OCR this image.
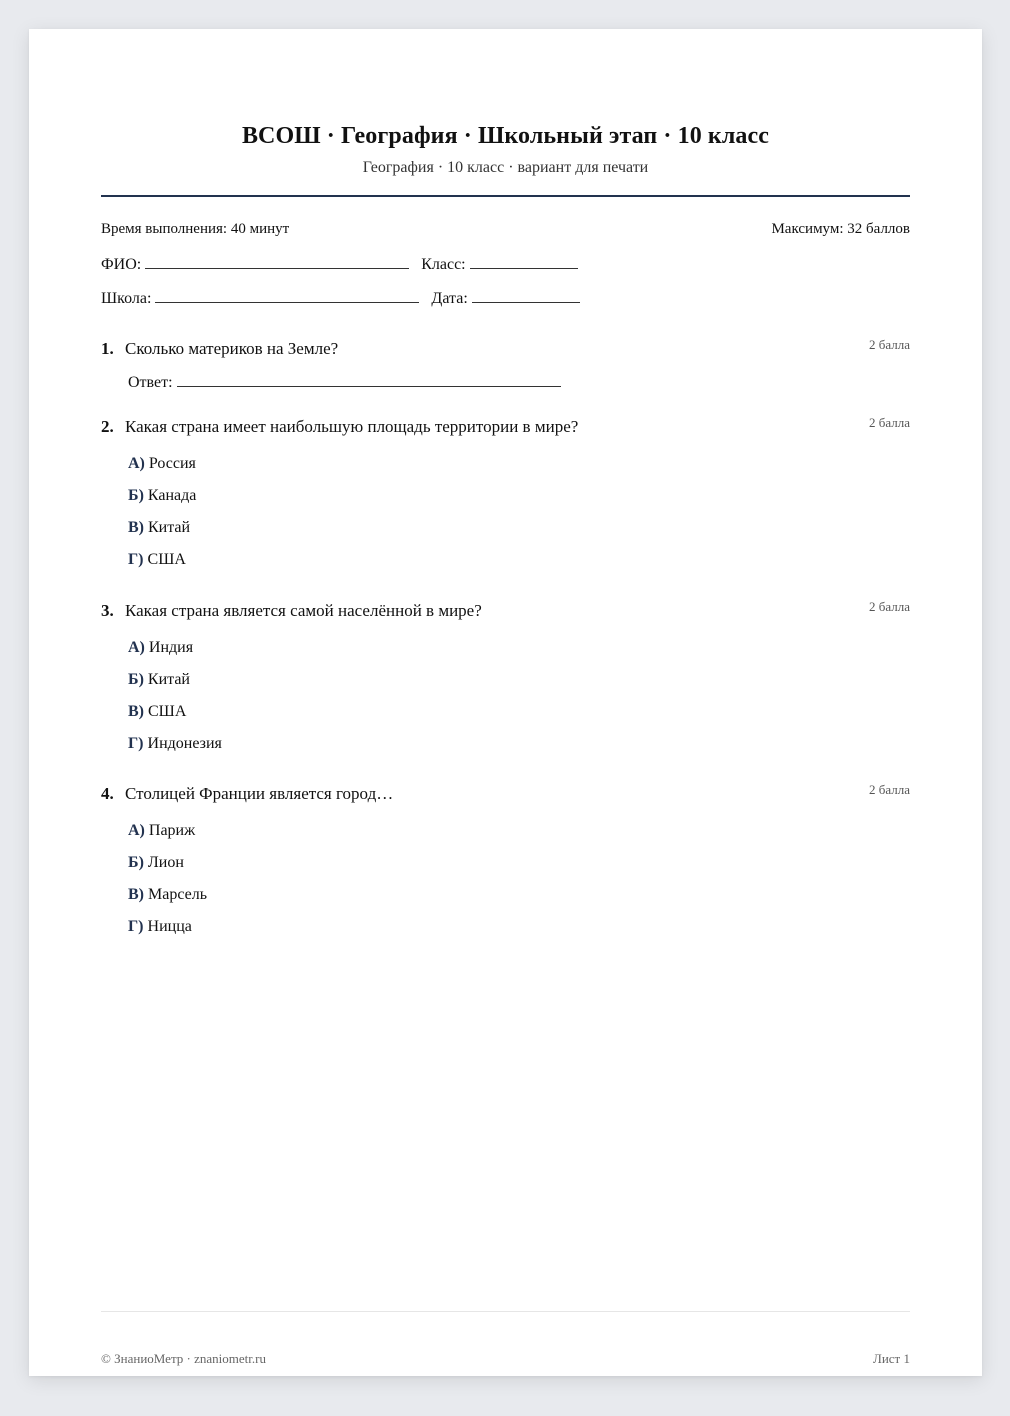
ВСОШ · География · Школьный этап · 10 класс
География · 10 класс · вариант для печати
Время выполнения: 40 минут	Максимум: 32 баллов
ФИО:	Класс:
Школа:	Дата:
1. Сколько материков на Земле?	2 балла
Ответ:
2. Какая страна имеет наибольшую площадь территории в мире?	2 балла
А) Россия
Б) Канада
В) Китай
Г) США
3. Какая страна является самой населённой в мире?	2 балла
А) Индия
Б) Китай
В) США
Г) Индонезия
4. Столицей Франции является город…	2 балла
А) Париж
Б) Лион
В) Марсель
Г) Ницца
© ЗнаниоМетр · znaniometr.ru	Лист 1
